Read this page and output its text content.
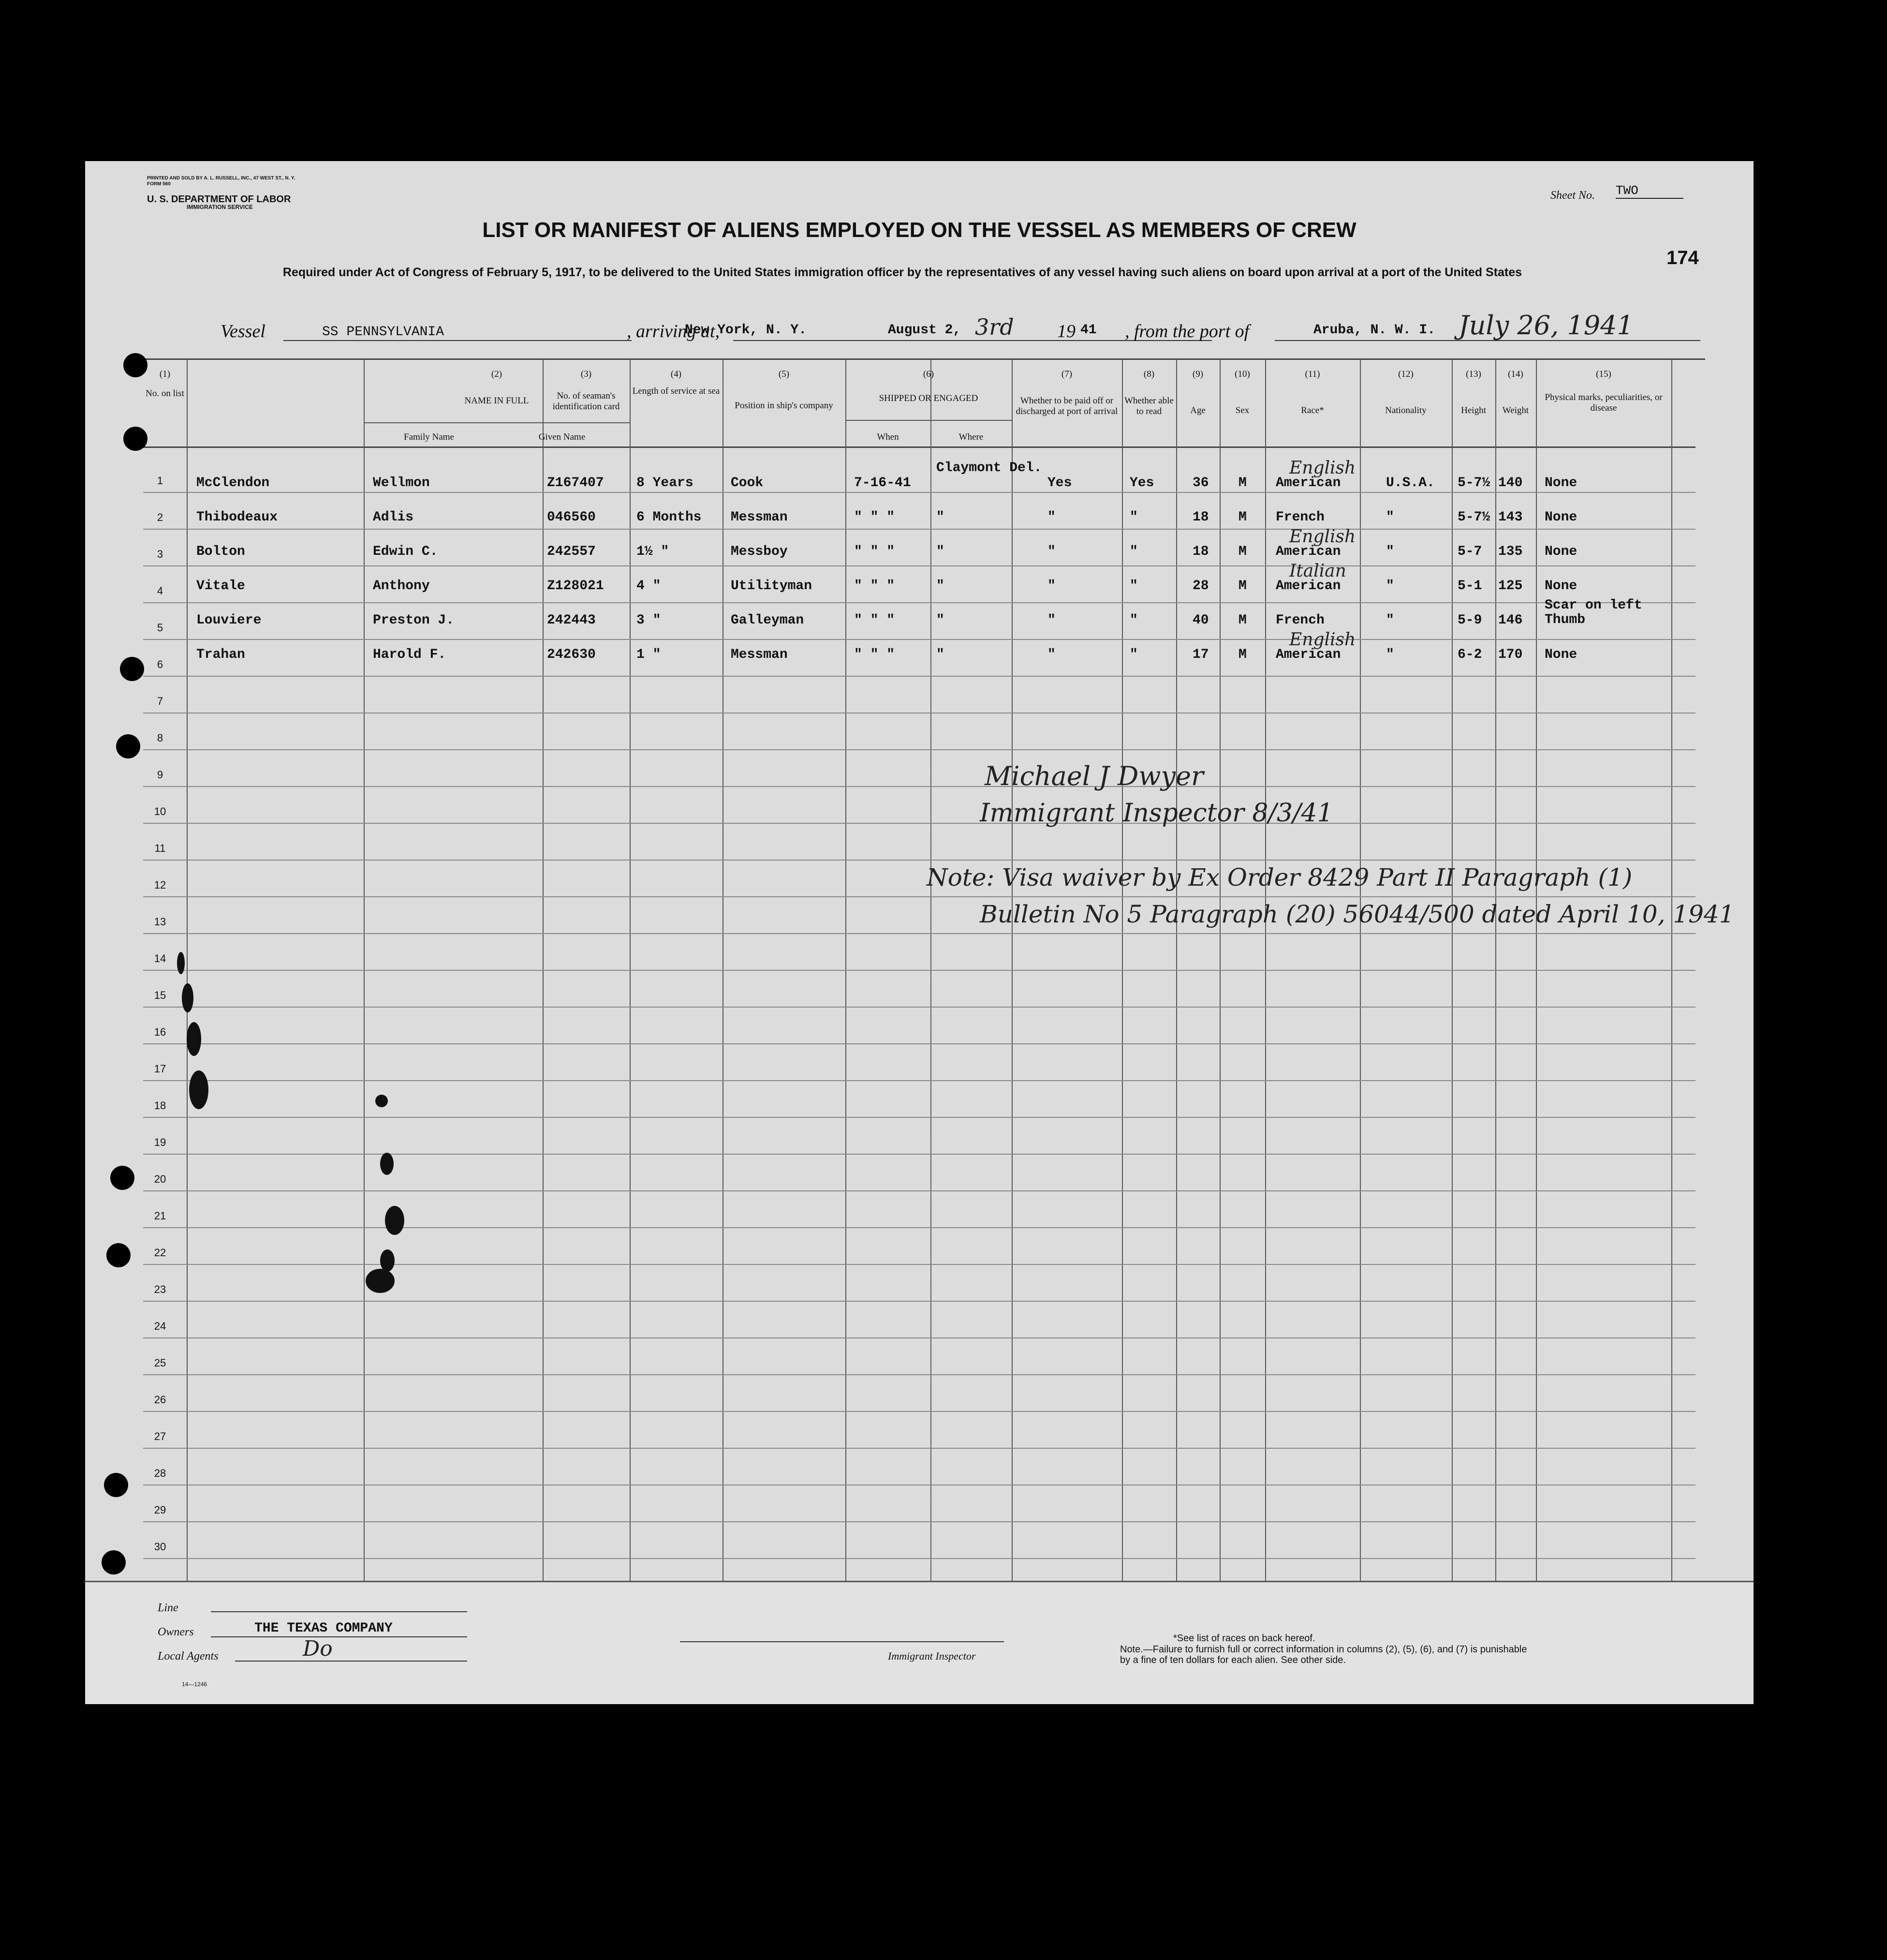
PRINTED AND SOLD BY A. L. RUSSELL, INC., 47 WEST ST., N. Y.
FORM 560
U. S. DEPARTMENT OF LABOR
IMMIGRATION SERVICE
Sheet No. TWO
174
LIST OR MANIFEST OF ALIENS EMPLOYED ON THE VESSEL AS MEMBERS OF CREW
Required under Act of Congress of February 5, 1917, to be delivered to the United States immigration officer by the representatives of any vessel having such aliens on board upon arrival at a port of the United States
Vessel	SS PENNSYLVANIA	, arriving at,
New York, N. Y.	August 2, 3rd 19 41 , from the port of	Aruba, N. W. I. July 26, 1941
(1)	(2)	(3)	(4)	(5)	(6)	(7)	(8)	(9)	(10)	(11)	(12)	(13)	(14)	(15)
No. on list
NAME IN FULL
Family Name	Given Name
No. of seaman's identification card
Length of service at sea
Position in ship's company
SHIPPED OR ENGAGED
When	Where
Whether to be paid off or discharged at port of arrival
Whether able to read	Age	Sex	Race*	Nationality	Height	Weight
Physical marks, peculiarities, or disease
1
2
3
4
5
6
7
8
9
10
11
12
13
14
15
16
17
18
19
20
21
22
23
24
25
26
27
28
29
30
McClendon	Wellmon	Z167407 8 Years	Cook	7-16-41
Claymont Del.
Yes	Yes	36 M American	U.S.A. 5-7½ 140 None
English
Thibodeaux	Adlis	046560	6 Months Messman	" " "	"	"	"	18 M French	"	5-7½ 143 None
Bolton	Edwin C.	242557	1½ "	Messboy	" " "	"	"	"	18 M American	"	5-7 135 None
English
Vitale	Anthony	Z128021 4 "	Utilityman	" " "	"	"	"	28 M American	"	5-1 125 None
Italian
Louviere	Preston J.	242443	3 "	Galleyman	" " "	"	"	"	40 M French	"	5-9 146
Scar on left Thumb
Trahan	Harold F.	242630	1 "	Messman	" " "	"	"	"	17 M American	"	6-2 170 None
English
Michael J Dwyer
Immigrant Inspector 8/3/41
Note: Visa waiver by Ex Order 8429 Part II Paragraph (1)
Bulletin No 5 Paragraph (20) 56044/500 dated April 10, 1941
Line
Owners	THE TEXAS COMPANY
Local Agents	Do
14—1246
Immigrant Inspector
*See list of races on back hereof.
Note.—Failure to furnish full or correct information in columns (2), (5), (6), and (7) is punishable by a fine of ten dollars for each alien. See other side.
